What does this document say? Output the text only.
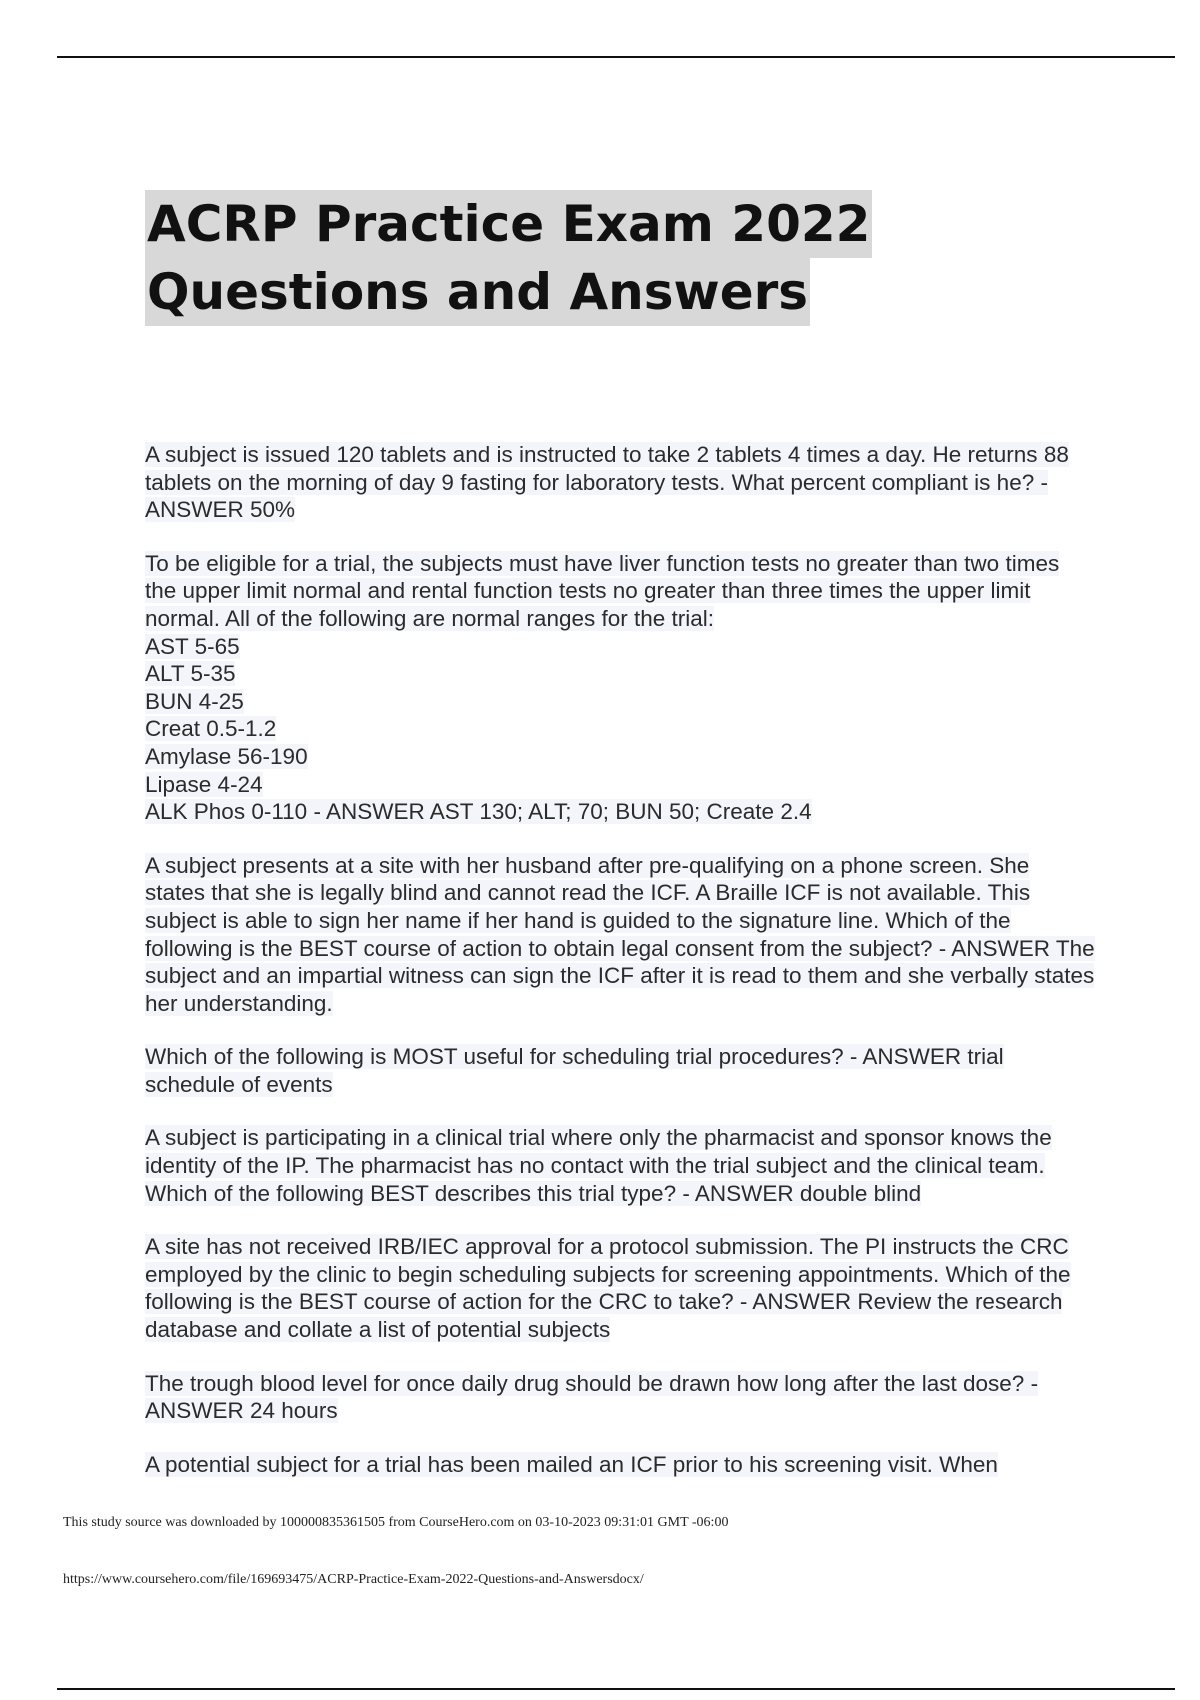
ACRP Practice Exam 2022
Questions and Answers

A subject is issued 120 tablets and is instructed to take 2 tablets 4 times a day. He returns 88 tablets on the morning of day 9 fasting for laboratory tests. What percent compliant is he? - ANSWER 50%

To be eligible for a trial, the subjects must have liver function tests no greater than two times the upper limit normal and rental function tests no greater than three times the upper limit normal. All of the following are normal ranges for the trial:
AST 5-65
ALT 5-35
BUN 4-25
Creat 0.5-1.2
Amylase 56-190
Lipase 4-24
ALK Phos 0-110 - ANSWER AST 130; ALT; 70; BUN 50; Create 2.4

A subject presents at a site with her husband after pre-qualifying on a phone screen. She states that she is legally blind and cannot read the ICF. A Braille ICF is not available. This subject is able to sign her name if her hand is guided to the signature line. Which of the following is the BEST course of action to obtain legal consent from the subject? - ANSWER The subject and an impartial witness can sign the ICF after it is read to them and she verbally states her understanding.

Which of the following is MOST useful for scheduling trial procedures? - ANSWER trial schedule of events

A subject is participating in a clinical trial where only the pharmacist and sponsor knows the identity of the IP. The pharmacist has no contact with the trial subject and the clinical team. Which of the following BEST describes this trial type? - ANSWER double blind

A site has not received IRB/IEC approval for a protocol submission. The PI instructs the CRC employed by the clinic to begin scheduling subjects for screening appointments. Which of the following is the BEST course of action for the CRC to take? - ANSWER Review the research database and collate a list of potential subjects

The trough blood level for once daily drug should be drawn how long after the last dose? - ANSWER 24 hours

A potential subject for a trial has been mailed an ICF prior to his screening visit. When

This study source was downloaded by 100000835361505 from CourseHero.com on 03-10-2023 09:31:01 GMT -06:00
https://www.coursehero.com/file/169693475/ACRP-Practice-Exam-2022-Questions-and-Answersdocx/
